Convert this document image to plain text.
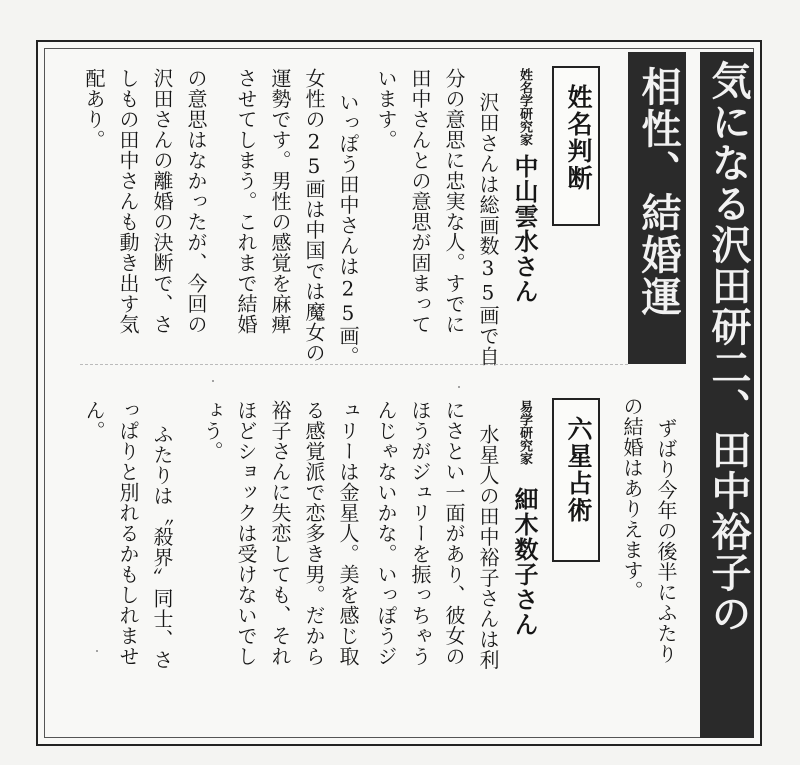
気になる沢田研二、田中裕子の
相性、結婚運
姓名判断
姓名学研究家中山雲水さん
沢田さんは総画数35画で自
分の意思に忠実な人。すでに
田中さんとの意思が固まって
います。
いっぽう田中さんは25画。
女性の25画は中国では魔女の
運勢です。男性の感覚を麻痺
させてしまう。これまで結婚
の意思はなかったが、今回の
沢田さんの離婚の決断で、さ
しもの田中さんも動き出す気
配あり。
ずばり今年の後半にふたり
の結婚はありえます。
六星占術
易学研究家細木数子さん
水星人の田中裕子さんは利
にさとい一面があり、彼女の
ほうがジュリーを振っちゃう
んじゃないかな。いっぽうジ
ュリーは金星人。美を感じ取
る感覚派で恋多き男。だから
裕子さんに失恋しても、それ
ほどショックは受けないでし
ょう。
ふたりは〝殺界〟同士、さ
っぱりと別れるかもしれませ
ん。
